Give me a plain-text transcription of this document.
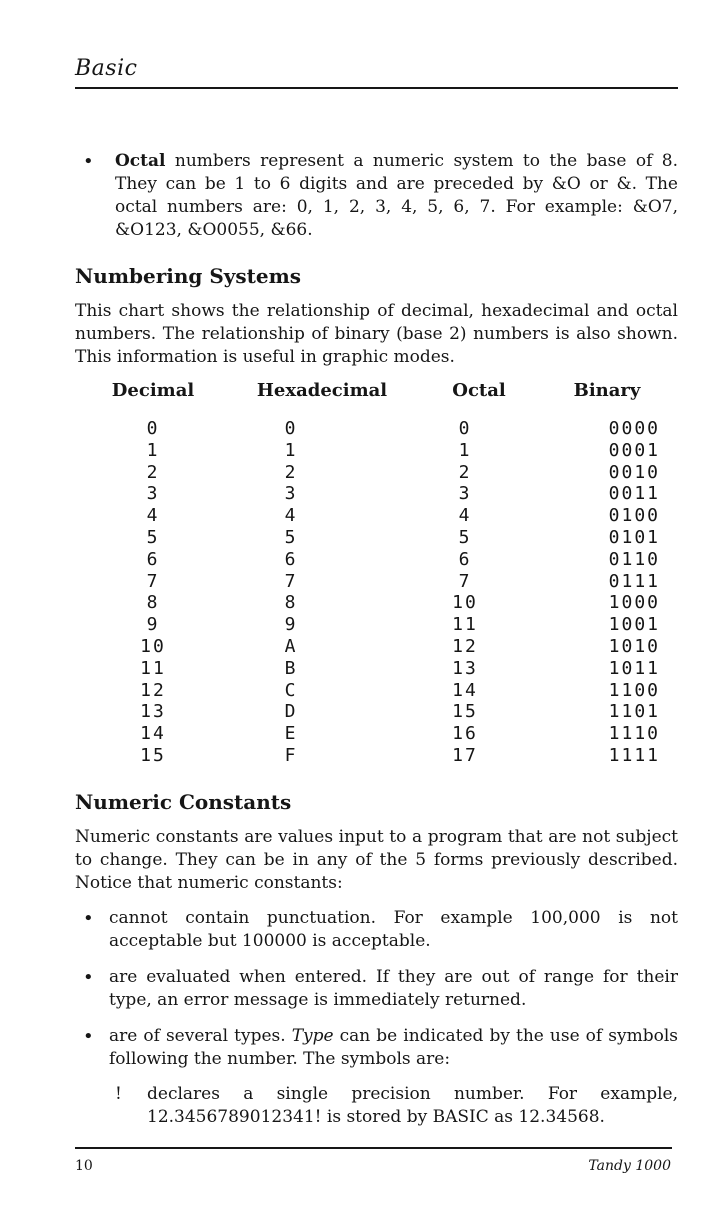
Basic
• Octal numbers represent a numeric system to the base of 8. They can be 1 to 6 digits and are preceded by &O or &. The octal numbers are: 0, 1, 2, 3, 4, 5, 6, 7. For example: &O7, &O123, &O0055, &66.
Numbering Systems
This chart shows the relationship of decimal, hexadecimal and octal numbers. The relationship of binary (base 2) numbers is also shown. This information is useful in graphic modes.
Decimal	Hexadecimal	Octal	Binary
0	0	0	0000
1	1	1	0001
2	2	2	0010
3	3	3	0011
4	4	4	0100
5	5	5	0101
6	6	6	0110
7	7	7	0111
8	8	10	1000
9	9	11	1001
10	A	12	1010
11	B	13	1011
12	C	14	1100
13	D	15	1101
14	E	16	1110
15	F	17	1111
Numeric Constants
Numeric constants are values input to a program that are not subject to change. They can be in any of the 5 forms previously described. Notice that numeric constants:
• cannot contain punctuation. For example 100,000 is not acceptable but 100000 is acceptable.
• are evaluated when entered. If they are out of range for their type, an error message is immediately returned.
• are of several types. Type can be indicated by the use of symbols following the number. The symbols are:
! declares a single precision number. For example, 12.3456789012341! is stored by BASIC as 12.34568.
10	Tandy 1000
